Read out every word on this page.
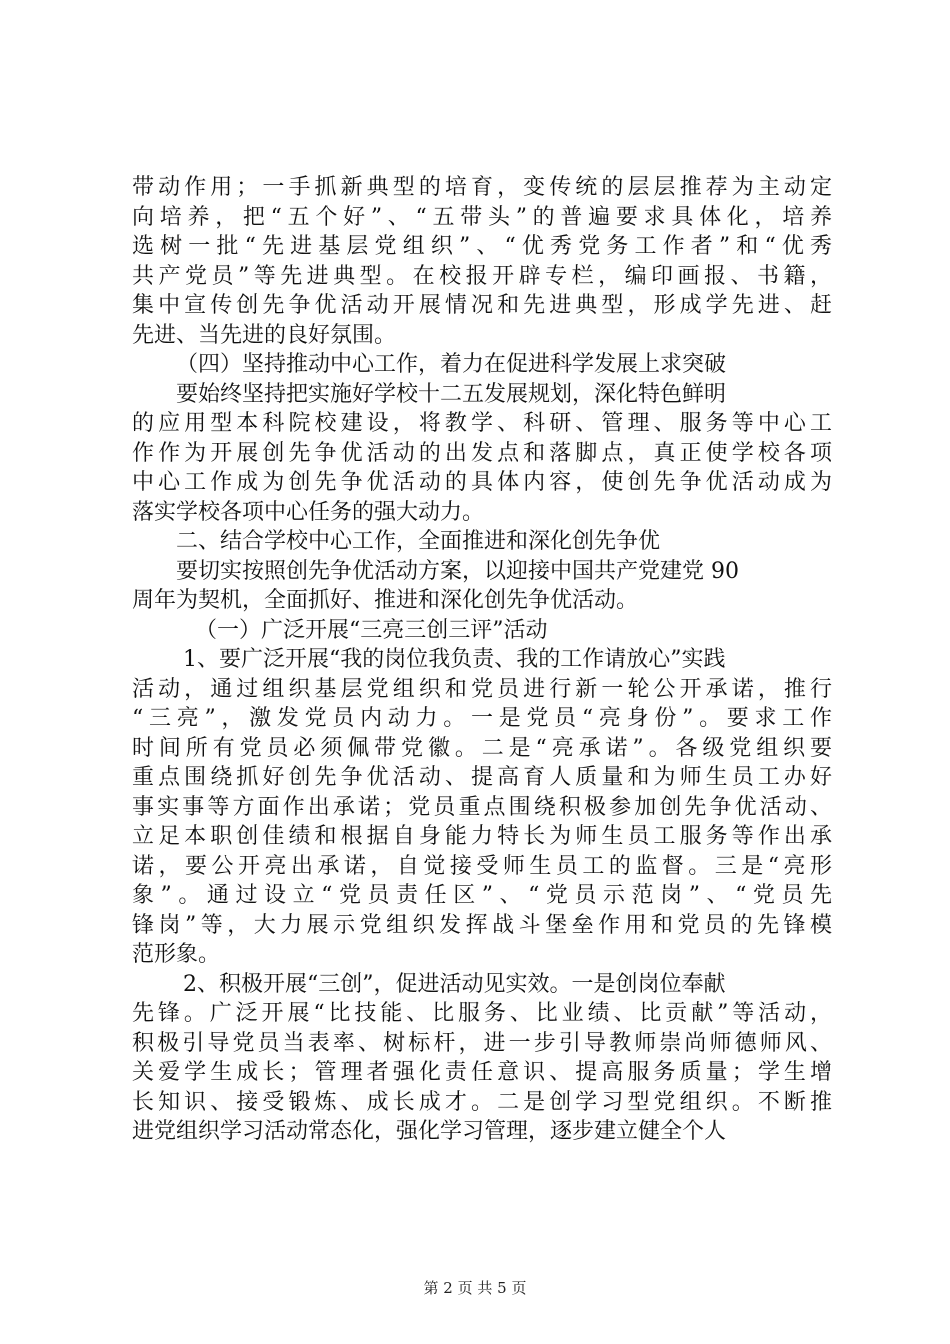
带动作用；一手抓新典型的培育，变传统的层层推荐为主动定
向培养，把“五个好”、“五带头”的普遍要求具体化，培养
选树一批“先进基层党组织”、“优秀党务工作者”和“优秀
共产党员”等先进典型。在校报开辟专栏，编印画报、书籍，
集中宣传创先争优活动开展情况和先进典型，形成学先进、赶
先进、当先进的良好氛围。
（四）坚持推动中心工作，着力在促进科学发展上求突破
要始终坚持把实施好学校十二五发展规划，深化特色鲜明
的应用型本科院校建设，将教学、科研、管理、服务等中心工
作作为开展创先争优活动的出发点和落脚点，真正使学校各项
中心工作成为创先争优活动的具体内容，使创先争优活动成为
落实学校各项中心任务的强大动力。
二、结合学校中心工作，全面推进和深化创先争优
要切实按照创先争优活动方案，以迎接中国共产党建党 90
周年为契机，全面抓好、推进和深化创先争优活动。
（一）广泛开展“三亮三创三评”活动
1、要广泛开展“我的岗位我负责、我的工作请放心”实践
活动，通过组织基层党组织和党员进行新一轮公开承诺，推行
“三亮”，激发党员内动力。一是党员“亮身份”。要求工作
时间所有党员必须佩带党徽。二是“亮承诺”。各级党组织要
重点围绕抓好创先争优活动、提高育人质量和为师生员工办好
事实事等方面作出承诺；党员重点围绕积极参加创先争优活动、
立足本职创佳绩和根据自身能力特长为师生员工服务等作出承
诺，要公开亮出承诺，自觉接受师生员工的监督。三是“亮形
象”。通过设立“党员责任区”、“党员示范岗”、“党员先
锋岗”等，大力展示党组织发挥战斗堡垒作用和党员的先锋模
范形象。
2、积极开展“三创”，促进活动见实效。一是创岗位奉献
先锋。广泛开展“比技能、比服务、比业绩、比贡献”等活动，
积极引导党员当表率、树标杆，进一步引导教师崇尚师德师风、
关爱学生成长；管理者强化责任意识、提高服务质量；学生增
长知识、接受锻炼、成长成才。二是创学习型党组织。不断推
进党组织学习活动常态化，强化学习管理，逐步建立健全个人
第 2 页 共 5 页
